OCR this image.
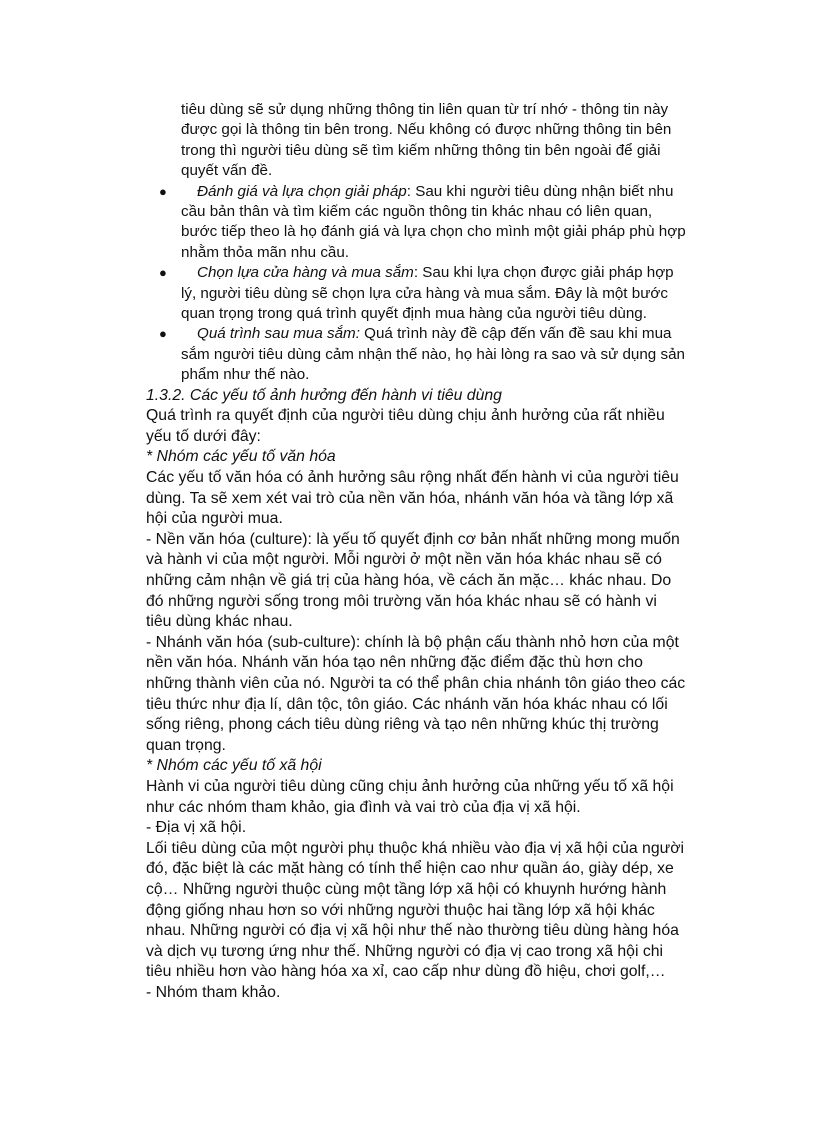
tiêu dùng sẽ sử dụng những thông tin liên quan từ trí nhớ - thông tin này được gọi là thông tin bên trong. Nếu không có được những thông tin bên trong thì người tiêu dùng sẽ tìm kiếm những thông tin bên ngoài để giải quyết vấn đề.
● Đánh giá và lựa chọn giải pháp: Sau khi người tiêu dùng nhận biết nhu cầu bản thân và tìm kiếm các nguồn thông tin khác nhau có liên quan, bước tiếp theo là họ đánh giá và lựa chọn cho mình một giải pháp phù hợp nhằm thỏa mãn nhu cầu.
● Chọn lựa cửa hàng và mua sắm: Sau khi lựa chọn được giải pháp hợp lý, người tiêu dùng sẽ chọn lựa cửa hàng và mua sắm. Đây là một bước quan trọng trong quá trình quyết định mua hàng của người tiêu dùng.
● Quá trình sau mua sắm: Quá trình này đề cập đến vấn đề sau khi mua sắm người tiêu dùng cảm nhận thế nào, họ hài lòng ra sao và sử dụng sản phẩm như thế nào.

1.3.2. Các yếu tố ảnh hưởng đến hành vi tiêu dùng

Quá trình ra quyết định của người tiêu dùng chịu ảnh hưởng của rất nhiều yếu tố dưới đây:

* Nhóm các yếu tố văn hóa

Các yếu tố văn hóa có ảnh hưởng sâu rộng nhất đến hành vi của người tiêu dùng. Ta sẽ xem xét vai trò của nền văn hóa, nhánh văn hóa và tầng lớp xã hội của người mua.

- Nền văn hóa (culture): là yếu tố quyết định cơ bản nhất những mong muốn và hành vi của một người. Mỗi người ở một nền văn hóa khác nhau sẽ có những cảm nhận về giá trị của hàng hóa, về cách ăn mặc… khác nhau. Do đó những người sống trong môi trường văn hóa khác nhau sẽ có hành vi tiêu dùng khác nhau.

- Nhánh văn hóa (sub-culture): chính là bộ phận cấu thành nhỏ hơn của một nền văn hóa. Nhánh văn hóa tạo nên những đặc điểm đặc thù hơn cho những thành viên của nó. Người ta có thể phân chia nhánh tôn giáo theo các tiêu thức như địa lí, dân tộc, tôn giáo. Các nhánh văn hóa khác nhau có lối sống riêng, phong cách tiêu dùng riêng và tạo nên những khúc thị trường quan trọng.

* Nhóm các yếu tố xã hội

Hành vi của người tiêu dùng cũng chịu ảnh hưởng của những yếu tố xã hội như các nhóm tham khảo, gia đình và vai trò của địa vị xã hội.

- Địa vị xã hội.

Lối tiêu dùng của một người phụ thuộc khá nhiều vào địa vị xã hội của người đó, đặc biệt là các mặt hàng có tính thể hiện cao như quần áo, giày dép, xe cộ… Những người thuộc cùng một tầng lớp xã hội có khuynh hướng hành động giống nhau hơn so với những người thuộc hai tầng lớp xã hội khác nhau. Những người có địa vị xã hội như thế nào thường tiêu dùng hàng hóa và dịch vụ tương ứng như thế. Những người có địa vị cao trong xã hội chi tiêu nhiều hơn vào hàng hóa xa xỉ, cao cấp như dùng đồ hiệu, chơi golf,…

- Nhóm tham khảo.
